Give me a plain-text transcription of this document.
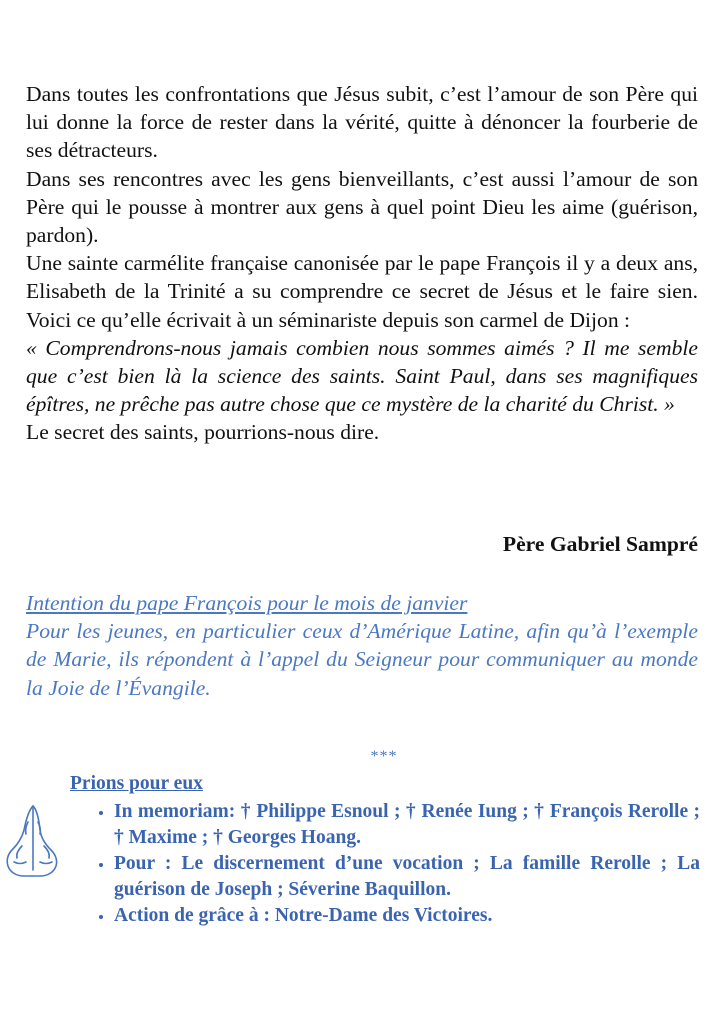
Dans toutes les confrontations que Jésus subit, c’est l’amour de son Père qui lui donne la force de rester dans la vérité, quitte à dénoncer la fourberie de ses détracteurs.

Dans ses rencontres avec les gens bienveillants, c’est aussi l’amour de son Père qui le pousse à montrer aux gens à quel point Dieu les aime (guérison, pardon).

Une sainte carmélite française canonisée par le pape François il y a deux ans, Elisabeth de la Trinité a su comprendre ce secret de Jésus et le faire sien. Voici ce qu’elle écrivait à un séminariste depuis son carmel de Dijon :

« Comprendrons-nous jamais combien nous sommes aimés ? Il me semble que c’est bien là la science des saints. Saint Paul, dans ses magnifiques épîtres, ne prêche pas autre chose que ce mystère de la charité du Christ. »

Le secret des saints, pourrions-nous dire.

Père Gabriel Sampré

Intention du pape François pour le mois de janvier

Pour les jeunes, en particulier ceux d’Amérique Latine, afin qu’à l’exemple de Marie, ils répondent à l’appel du Seigneur pour communiquer au monde la Joie de l’Évangile.

***

Prions pour eux

• In memoriam: † Philippe Esnoul ; † Renée Iung ; † François Rerolle ; † Maxime ; † Georges Hoang.
• Pour : Le discernement d’une vocation ; La famille Rerolle ; La guérison de Joseph ; Séverine Baquillon.
• Action de grâce à : Notre-Dame des Victoires.
